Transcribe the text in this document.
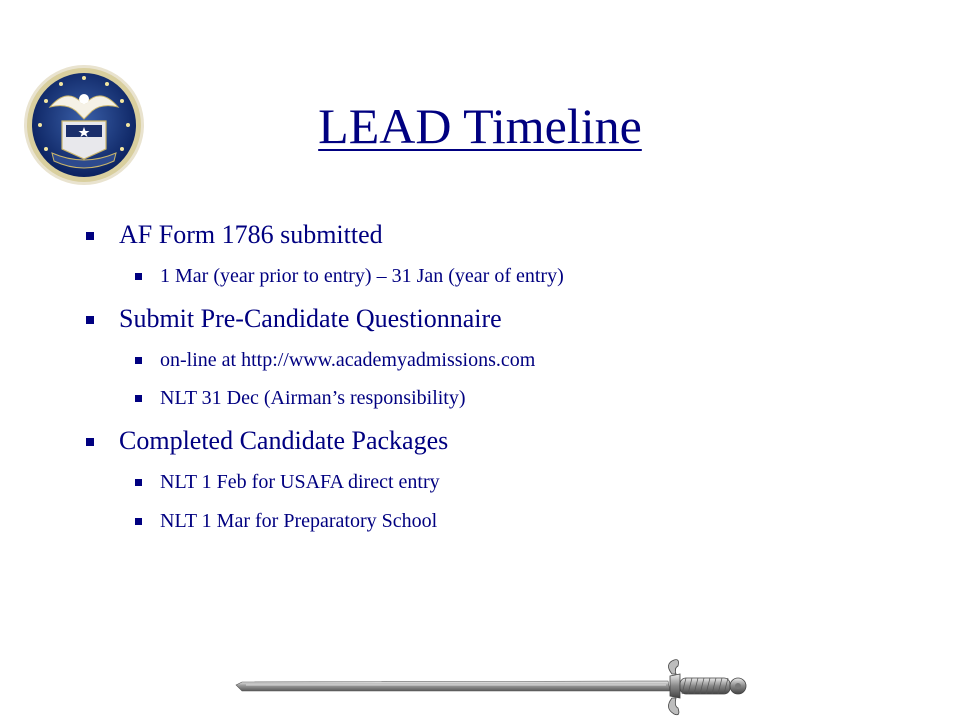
LEAD Timeline
AF Form 1786 submitted
1 Mar (year prior to entry) – 31 Jan (year of entry)
Submit Pre-Candidate Questionnaire
on-line at http://www.academyadmissions.com
NLT 31 Dec (Airman’s responsibility)
Completed Candidate Packages
NLT 1 Feb for USAFA direct entry
NLT 1 Mar for Preparatory School
